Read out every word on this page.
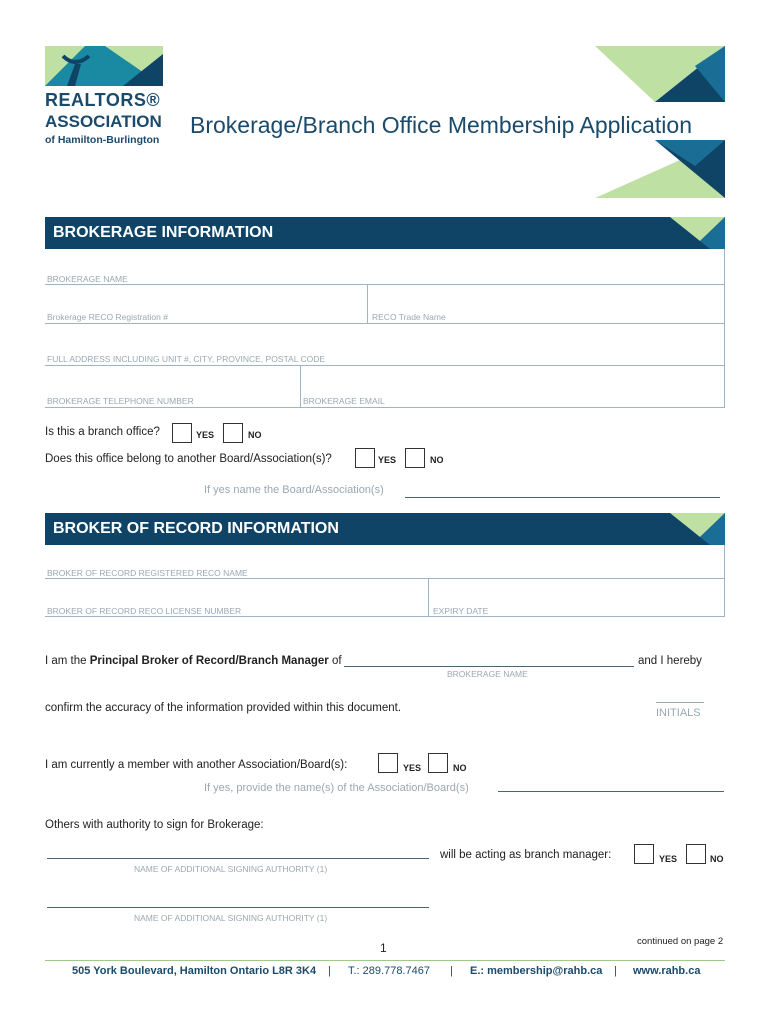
REALTORS®
ASSOCIATION
of Hamilton-Burlington
Brokerage/Branch Office Membership Application
BROKERAGE INFORMATION
BROKERAGE NAME
Brokerage RECO Registration #	RECO Trade Name
FULL ADDRESS INCLUDING UNIT #, CITY, PROVINCE, POSTAL CODE
BROKERAGE TELEPHONE NUMBER	BROKERAGE EMAIL
Is this a branch office?	YES	NO
Does this office belong to another Board/Association(s)?	YES	NO
If yes name the Board/Association(s)
BROKER OF RECORD INFORMATION
BROKER OF RECORD REGISTERED RECO NAME
BROKER OF RECORD RECO LICENSE NUMBER	EXPIRY DATE
I am the Principal Broker of Record/Branch Manager of	and I hereby
BROKERAGE NAME
confirm the accuracy of the information provided within this document.	INITIALS
I am currently a member with another Association/Board(s):	YES	NO
If yes, provide the name(s) of the Association/Board(s)
Others with authority to sign for Brokerage:
NAME OF ADDITIONAL SIGNING AUTHORITY (1)
will be acting as branch manager:	YES	NO
NAME OF ADDITIONAL SIGNING AUTHORITY (1)
1	continued on page 2
505 York Boulevard, Hamilton Ontario L8R 3K4 | T.: 289.778.7467 | E.: membership@rahb.ca | www.rahb.ca
